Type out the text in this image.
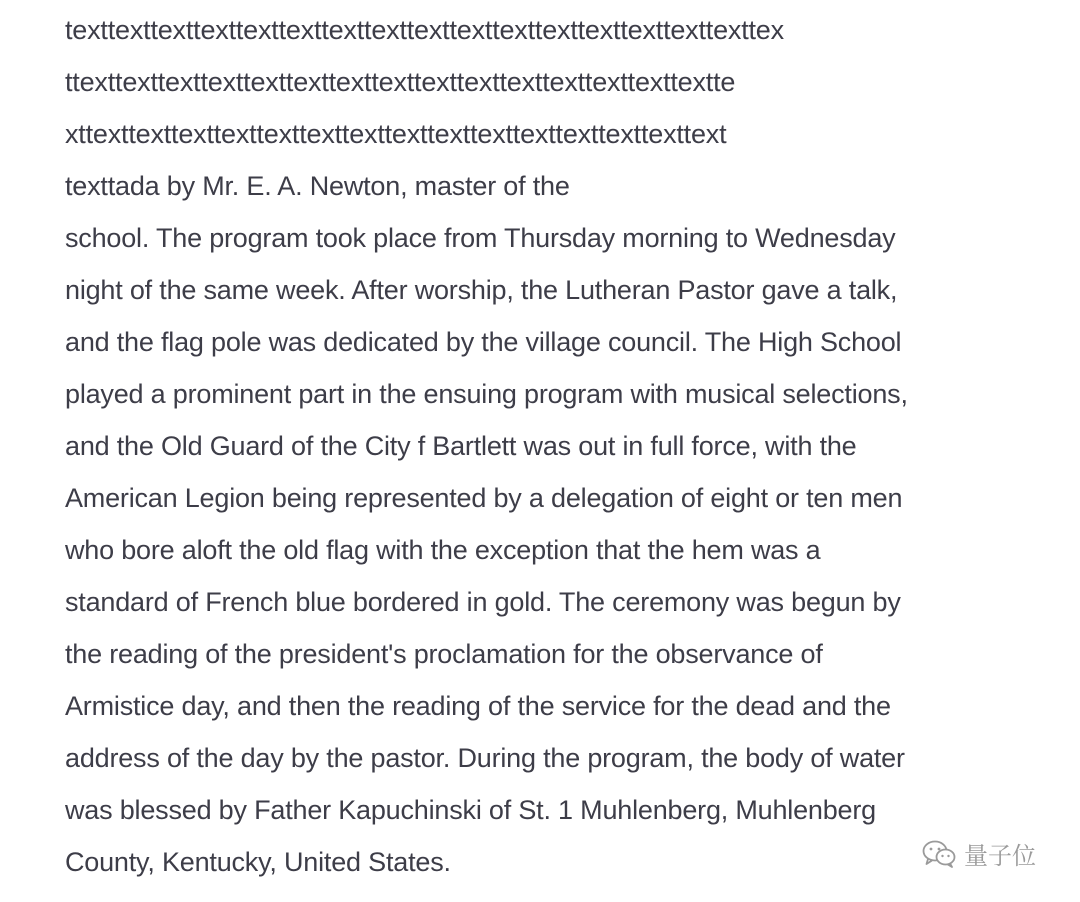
texttexttexttexttexttexttexttexttexttexttexttexttexttexttexttexttex
ttexttexttexttexttexttexttexttexttexttexttexttexttexttexttextte
xttexttexttexttexttexttexttexttexttexttexttexttexttexttexttext
texttada by Mr. E. A. Newton, master of the
school. The program took place from Thursday morning to Wednesday
night of the same week. After worship, the Lutheran Pastor gave a talk,
and the flag pole was dedicated by the village council. The High School
played a prominent part in the ensuing program with musical selections,
and the Old Guard of the City f Bartlett was out in full force, with the
American Legion being represented by a delegation of eight or ten men
who bore aloft the old flag with the exception that the hem was a
standard of French blue bordered in gold. The ceremony was begun by
the reading of the president's proclamation for the observance of
Armistice day, and then the reading of the service for the dead and the
address of the day by the pastor. During the program, the body of water
was blessed by Father Kapuchinski of St. 1 Muhlenberg, Muhlenberg
County, Kentucky, United States.	量子位
